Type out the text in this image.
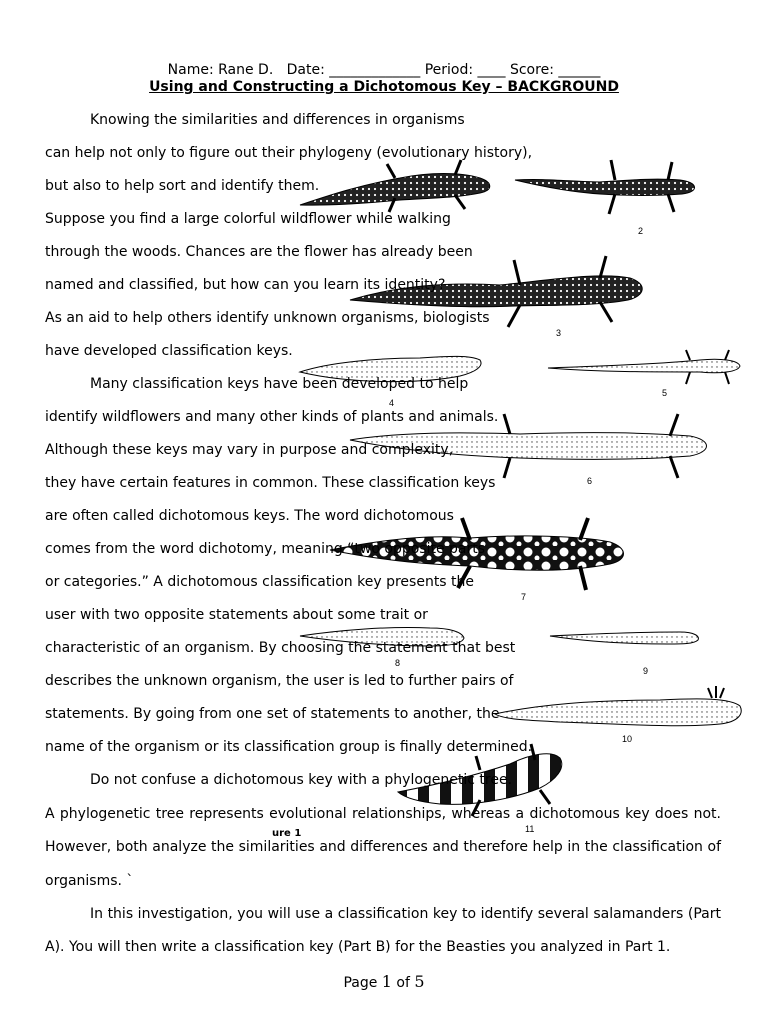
Name: Rane D.   Date: _____________ Period: ____ Score: ______
Using and Constructing a Dichotomous Key – BACKGROUND
2
3
4
5
6
7
8
9
10
11
Knowing the similarities and differences in organisms
can help not only to figure out their phylogeny (evolutionary history),
but also to help sort and identify them.
Suppose you find a large colorful wildflower while walking
through the woods. Chances are the flower has already been
named and classified, but how can you learn its identity?
As an aid to help others identify unknown organisms, biologists
have developed classification keys.
Many classification keys have been developed to help
identify wildflowers and many other kinds of plants and animals.
Although these keys may vary in purpose and complexity,
they have certain features in common. These classification keys
are often called dichotomous keys. The word dichotomous
comes from the word dichotomy, meaning “two opposite parts
or categories.” A dichotomous classification key presents the
user with two opposite statements about some trait or
characteristic of an organism. By choosing the statement that best
describes the unknown organism, the user is led to further pairs of
statements. By going from one set of statements to another, the
name of the organism or its classification group is finally determined.
Do not confuse a dichotomous key with a phylogenetic tree.
A phylogenetic tree represents evolutional relationships, whereas a dichotomous key does not.
However, both analyze the similarities and differences and therefore help in the classification of
organisms. `
In this investigation, you will use a classification key to identify several salamanders (Part
A). You will then write a classification key (Part B) for the Beasties you analyzed in Part 1.
ure 1
Page 1 of 5
